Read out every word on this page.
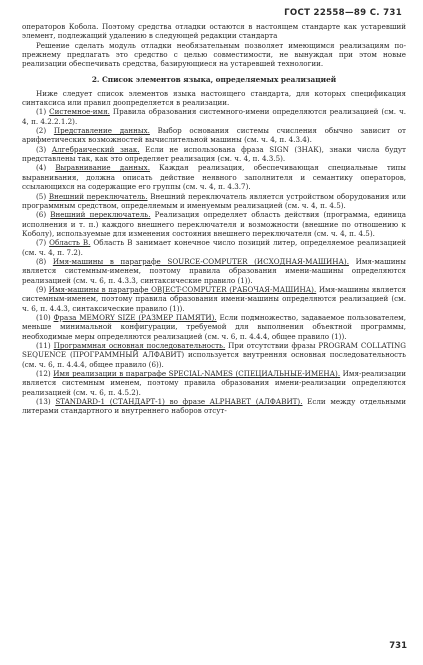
ГОСТ 22558—89 С. 731

операторов Кобола. Поэтому средства отладки остаются в настоящем стандарте как устаревший элемент, подлежащий удалению в следующей редакции стандарта

Решение сделать модуль отладки необязательным позволяет имеющимся реализациям по-прежнему предлагать это средство с целью совместимости, не вынуждая при этом новые реализации обеспечивать средства, базирующиеся на устаревшей технологии.

2. Список элементов языка, определяемых реализацией

Ниже следует список элементов языка настоящего стандарта, для которых спецификация синтаксиса или правил доопределяется в реализации.

(1) Системное-имя. Правила образования системного-имени определяются реализацией (см. ч. 4, п. 4.2.2.1.2).

(2) Представление данных. Выбор основания системы счисления обычно зависит от арифметических возможностей вычислительной машины (см. ч. 4, п. 4.3.4).

(3) Алгебраический знак. Если не использована фраза SIGN (ЗНАК), знаки числа будут представлены так, как это определяет реализация (см. ч. 4, п. 4.3.5).

(4) Выравнивание данных. Каждая реализация, обеспечивающая специальные типы выравнивания, должна описать действие неявного заполнителя и семантику операторов, ссылающихся на содержащие его группы (см. ч. 4, п. 4.3.7).

(5) Внешний переключатель. Внешний переключатель является устройством оборудования или программным средством, определяемым и именуемым реализацией (см. ч. 4, п. 4.5).

(6) Внешний переключатель. Реализация определяет область действия (программа, единица исполнения и т. п.) каждого внешнего переключателя и возможности (внешние по отношению к Коболу), используемые для изменения состояния внешнего переключателя (см. ч. 4, п. 4.5).

(7) Область В. Область В занимает конечное число позиций литер, определяемое реализацией (см. ч. 4, п. 7.2).

(8) Имя-машины в параграфе SOURCE-COMPUTER (ИСХОДНАЯ-МАШИНА). Имя-машины является системным-именем, поэтому правила образования имени-машины определяются реализацией (см. ч. 6, п. 4.3.3, синтаксические правило (1)).

(9) Имя-машины в параграфе OBJECT-COMPUTER (РАБОЧАЯ-МАШИНА). Имя-машины является системным-именем, поэтому правила образования имени-машины определяются реализацией (см. ч. 6, п. 4.4.3, синтаксические правило (1)).

(10) Фраза MEMORY SIZE (РАЗМЕР ПАМЯТИ). Если подмножество, задаваемое пользователем, меньше минимальной конфигурации, требуемой для выполнения объектной программы, необходимые меры определяются реализацией (см. ч. 6, п. 4.4.4, общее правило (1)).

(11) Программная основная последовательность. При отсутствии фразы PROGRAM COLLATING SEQUENCE (ПРОГРАММНЫЙ АЛФАВИТ) используется внутренняя основная последовательность (см. ч. 6, п. 4.4.4, общее правило (6)).

(12) Имя реализации в параграфе SPECIAL-NAMES (СПЕЦИАЛЬНЫЕ-ИМЕНА). Имя-реализации является системным именем, поэтому правила образования имени-реализации определяются реализацией (см. ч. 6, п. 4.5.2).

(13) STANDARD-1 (СТАНДАРТ-1) во фразе ALPHABET (АЛФАВИТ). Если между отдельными литерами стандартного и внутреннего наборов отсут-

731
